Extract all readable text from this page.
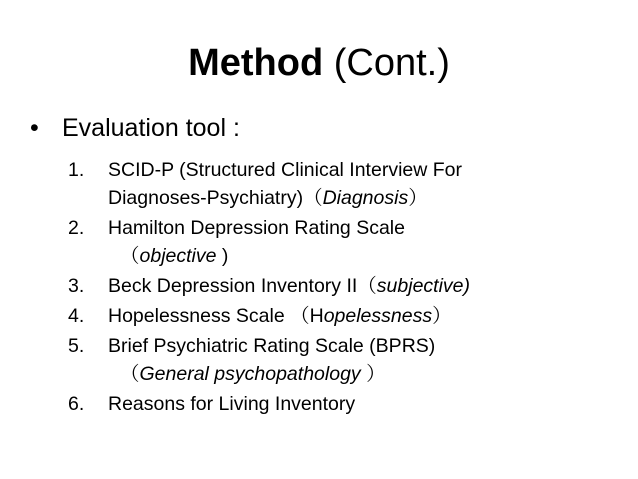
Method (Cont.)
• Evaluation tool :
1. SCID-P (Structured Clinical Interview For
Diagnoses-Psychiatry)（Diagnosis）
2. Hamilton Depression Rating Scale
（objective )
3. Beck Depression Inventory II（subjective)
4. Hopelessness Scale （Hopelessness）
5. Brief Psychiatric Rating Scale (BPRS)
（General psychopathology ）
6. Reasons for Living Inventory
